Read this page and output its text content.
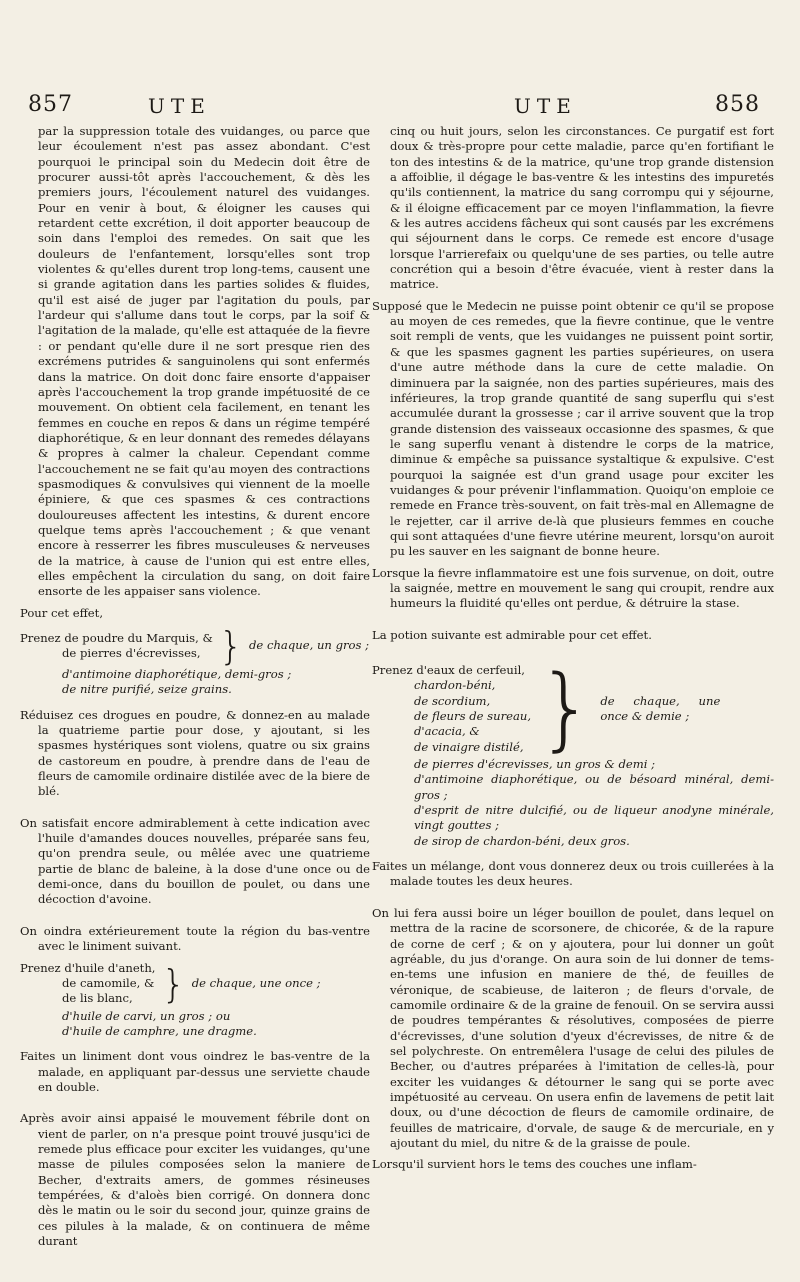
857	UTE	UTE	858

par la suppression totale des vuidanges, ou parce que leur écoulement n'est pas assez abondant. C'est pourquoi le principal soin du Medecin doit être de procurer aussi-tôt après l'accouchement, & dès les premiers jours, l'écoulement naturel des vuidanges. Pour en venir à bout, & éloigner les causes qui retardent cette excrétion, il doit apporter beaucoup de soin dans l'emploi des remedes. On sait que les douleurs de l'enfantement, lorsqu'elles sont trop violentes & qu'elles durent trop long-tems, causent une si grande agitation dans les parties solides & fluides, qu'il est aisé de juger par l'agitation du pouls, par l'ardeur qui s'allume dans tout le corps, par la soif & l'agitation de la malade, qu'elle est attaquée de la fievre : or pendant qu'elle dure il ne sort presque rien des excrémens putrides & sanguinolens qui sont enfermés dans la matrice. On doit donc faire ensorte d'appaiser après l'accouchement la trop grande impétuosité de ce mouvement. On obtient cela facilement, en tenant les femmes en couche en repos & dans un régime tempéré diaphorétique, & en leur donnant des remedes délayans & propres à calmer la chaleur. Cependant comme l'accouchement ne se fait qu'au moyen des contractions spasmodiques & convulsives qui viennent de la moelle épiniere, & que ces spasmes & ces contractions douloureuses affectent les intestins, & durent encore quelque tems après l'accouchement ; & que venant encore à resserrer les fibres musculeuses & nerveuses de la matrice, à cause de l'union qui est entre elles, elles empêchent la circulation du sang, on doit faire ensorte de les appaiser sans violence.

Pour cet effet,

Prenez de poudre du Marquis, &
de pierres d'écrevisses, } de chaque, un gros ;
d'antimoine diaphorétique, demi-gros ;
de nitre purifié, seize grains.

Réduisez ces drogues en poudre, & donnez-en au malade la quatrieme partie pour dose, y ajoutant, si les spasmes hystériques sont violens, quatre ou six grains de castoreum en poudre, à prendre dans de l'eau de fleurs de camomile ordinaire distilée avec de la biere de blé.

On satisfait encore admirablement à cette indication avec l'huile d'amandes douces nouvelles, préparée sans feu, qu'on prendra seule, ou mêlée avec une quatrieme partie de blanc de baleine, à la dose d'une once ou de demi-once, dans du bouillon de poulet, ou dans une décoction d'avoine.

On oindra extérieurement toute la région du bas-ventre avec le liniment suivant.

Prenez d'huile d'aneth,
de camomile, &
de lis blanc, } de chaque, une once ;
d'huile de carvi, un gros ; ou
d'huile de camphre, une dragme.

Faites un liniment dont vous oindrez le bas-ventre de la malade, en appliquant par-dessus une serviette chaude en double.

Après avoir ainsi appaisé le mouvement fébrile dont on vient de parler, on n'a presque point trouvé jusqu'ici de remede plus efficace pour exciter les vuidanges, qu'une masse de pilules composées selon la maniere de Becher, d'extraits amers, de gommes résineuses tempérées, & d'aloès bien corrigé. On donnera donc dès le matin ou le soir du second jour, quinze grains de ces pilules à la malade, & on continuera de même durant

cinq ou huit jours, selon les circonstances. Ce purgatif est fort doux & très-propre pour cette maladie, parce qu'en fortifiant le ton des intestins & de la matrice, qu'une trop grande distension a affoiblie, il dégage le bas-ventre & les intestins des impuretés qu'ils contiennent, la matrice du sang corrompu qui y séjourne, & il éloigne efficacement par ce moyen l'inflammation, la fievre & les autres accidens fâcheux qui sont causés par les excrémens qui séjournent dans le corps. Ce remede est encore d'usage lorsque l'arrierefaix ou quelqu'une de ses parties, ou telle autre concrétion qui a besoin d'être évacuée, vient à rester dans la matrice.

Supposé que le Medecin ne puisse point obtenir ce qu'il se propose au moyen de ces remedes, que la fievre continue, que le ventre soit rempli de vents, que les vuidanges ne puissent point sortir, & que les spasmes gagnent les parties supérieures, on usera d'une autre méthode dans la cure de cette maladie. On diminuera par la saignée, non des parties supérieures, mais des inférieures, la trop grande quantité de sang superflu qui s'est accumulée durant la grossesse ; car il arrive souvent que la trop grande distension des vaisseaux occasionne des spasmes, & que le sang superflu venant à distendre le corps de la matrice, diminue & empêche sa puissance systaltique & expulsive. C'est pourquoi la saignée est d'un grand usage pour exciter les vuidanges & pour prévenir l'inflammation. Quoiqu'on emploie ce remede en France très-souvent, on fait très-mal en Allemagne de le rejetter, car il arrive de-là que plusieurs femmes en couche qui sont attaquées d'une fievre utérine meurent, lorsqu'on auroit pu les sauver en les saignant de bonne heure.

Lorsque la fievre inflammatoire est une fois survenue, on doit, outre la saignée, mettre en mouvement le sang qui croupit, rendre aux humeurs la fluidité qu'elles ont perdue, & détruire la stase.

La potion suivante est admirable pour cet effet.

Prenez d'eaux de cerfeuil,
chardon-béni,
de scordium,
de fleurs de sureau,
d'acacia, &
de vinaigre distilé, } de chaque, une once & demie ;
de pierres d'écrevisses, un gros & demi ;
d'antimoine diaphorétique, ou de bésoard minéral, demi-gros ;
d'esprit de nitre dulcifié, ou de liqueur anodyne minérale, vingt gouttes ;
de sirop de chardon-béni, deux gros.

Faites un mélange, dont vous donnerez deux ou trois cuillerées à la malade toutes les deux heures.

On lui fera aussi boire un léger bouillon de poulet, dans lequel on mettra de la racine de scorsonere, de chicorée, & de la rapure de corne de cerf ; & on y ajoutera, pour lui donner un goût agréable, du jus d'orange. On aura soin de lui donner de tems-en-tems une infusion en maniere de thé, de feuilles de véronique, de scabieuse, de laiteron ; de fleurs d'orvale, de camomile ordinaire & de la graine de fenouil. On se servira aussi de poudres tempérantes & résolutives, composées de pierre d'écrevisses, d'une solution d'yeux d'écrevisses, de nitre & de sel polychreste. On entremêlera l'usage de celui des pilules de Becher, ou d'autres préparées à l'imitation de celles-là, pour exciter les vuidanges & détourner le sang qui se porte avec impétuosité au cerveau. On usera enfin de lavemens de petit lait doux, ou d'une décoction de fleurs de camomile ordinaire, de feuilles de matricaire, d'orvale, de sauge & de mercuriale, en y ajoutant du miel, du nitre & de la graisse de poule.

Lorsqu'il survient hors le tems des couches une inflam-
